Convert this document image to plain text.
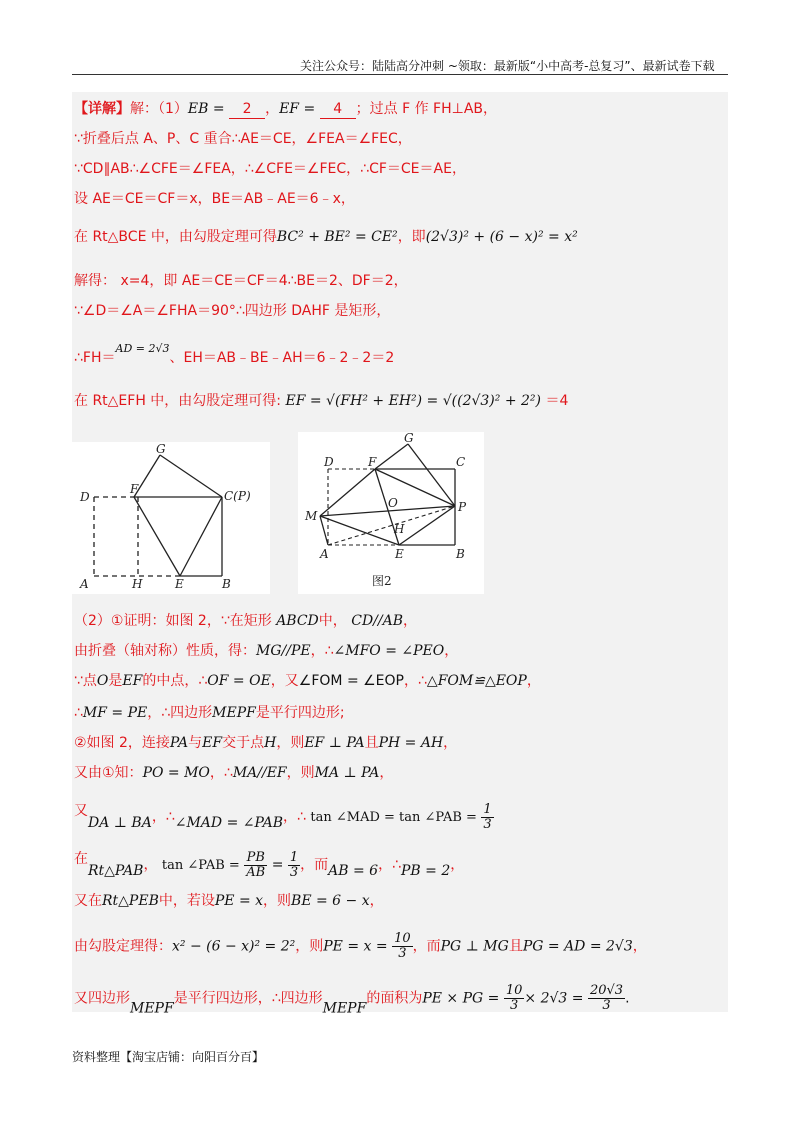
关注公众号：陆陆高分冲刺 ~领取：最新版“小中高考-总复习”、最新试卷下载
【详解】解：（1）EB = 2 ，EF = 4 ；过点 F 作 FH⊥AB，
∵折叠后点 A、P、C 重合∴AE＝CE，∠FEA＝∠FEC，
∵CD∥AB∴∠CFE＝∠FEA，∴∠CFE＝∠FEC，∴CF＝CE＝AE，
设 AE＝CE＝CF＝x，BE＝AB﹣AE＝6﹣x，
在 Rt△BCE 中，由勾股定理可得BC² + BE² = CE²，即(2√3)² + (6 − x)² = x²
解得： x=4，即 AE＝CE＝CF＝4∴BE＝2、DF＝2，
∵∠D＝∠A＝∠FHA＝90°∴四边形 DAHF 是矩形，
∴FH＝$^{AD = 2√3}$、EH＝AB﹣BE﹣AH＝6﹣2﹣2＝2
在 Rt△EFH 中，由勾股定理可得: EF = √(FH² + EH²) = √((2√3)² + 2²) ＝4
G
F
D	C(P)
A	H	E	B
G
D	F	C
O
M
P
H
A	E	B
图2
（2）①证明：如图 2，∵在矩形 ABCD中， CD//AB，
由折叠（轴对称）性质，得：MG//PE，∴∠MFO = ∠PEO，
∵点O是EF的中点，∴OF = OE，又∠FOM = ∠EOP，∴△FOM≌△EOP，
∴MF = PE，∴四边形MEPF是平行四边形;
②如图 2，连接PA与EF交于点H，则EF ⊥ PA且PH = AH，
又由①知：PO = MO，∴MA//EF，则MA ⊥ PA，
又DA ⊥ BA，∴∠MAD = ∠PAB，∴ tan ∠MAD = tan ∠PAB = $\frac{1}{3}$
在Rt△PAB， tan ∠PAB = $\frac{PB}{AB} = \frac{1}{3}$ ，而AB = 6，∴PB = 2，
又在Rt△PEB中，若设PE = x，则BE = 6 − x，
由勾股定理得：x² − (6 − x)² = 2²，则PE = $x = \frac{10}{3}$ ，而PG ⊥ MG且PG = AD = 2√3，
又四边形MEPF是平行四边形，∴四边形MEPF的面积为PE × PG = $\frac{10}{3} \times 2√3 = \frac{20√3}{3}$ .
资料整理【淘宝店铺：向阳百分百】
